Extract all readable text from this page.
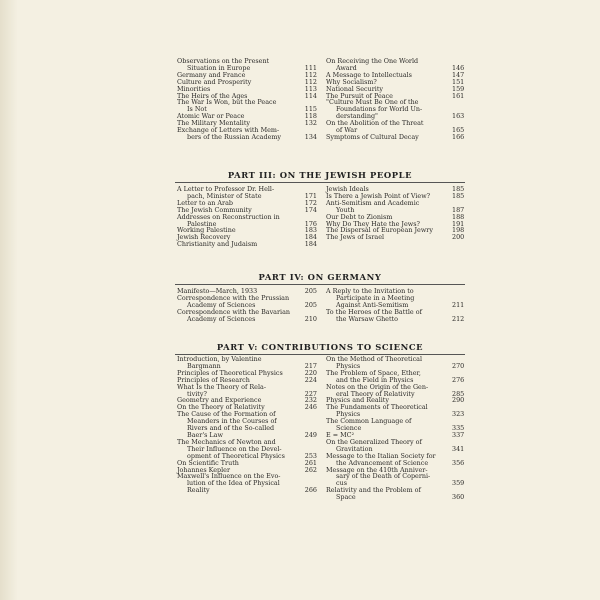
Observations on the Present
Situation in Europe	111
Germany and France	112
Culture and Prosperity	112
Minorities	113
The Heirs of the Ages	114
The War Is Won, but the Peace
Is Not	115
Atomic War or Peace	118
The Military Mentality	132
Exchange of Letters with Mem-
bers of the Russian Academy	134
On Receiving the One World
Award	146
A Message to Intellectuals	147
Why Socialism?	151
National Security	159
The Pursuit of Peace	161
"Culture Must Be One of the
Foundations for World Un-
derstanding"	163
On the Abolition of the Threat
of War	165
Symptoms of Cultural Decay	166
PART III: ON THE JEWISH PEOPLE
A Letter to Professor Dr. Hell-
pach, Minister of State	171
Letter to an Arab	172
The Jewish Community	174
Addresses on Reconstruction in
Palestine	176
Working Palestine	183
Jewish Recovery	184
Christianity and Judaism	184
Jewish Ideals	185
Is There a Jewish Point of View?	185
Anti-Semitism and Academic
Youth	187
Our Debt to Zionism	188
Why Do They Hate the Jews?	191
The Dispersal of European Jewry	198
The Jews of Israel	200
PART IV: ON GERMANY
Manifesto—March, 1933	205
Correspondence with the Prussian
Academy of Sciences	205
Correspondence with the Bavarian
Academy of Sciences	210
A Reply to the Invitation to
Participate in a Meeting
Against Anti-Semitism	211
To the Heroes of the Battle of
the Warsaw Ghetto	212
PART V: CONTRIBUTIONS TO SCIENCE
Introduction, by Valentine
Bargmann	217
Principles of Theoretical Physics	220
Principles of Research	224
What Is the Theory of Rela-
tivity?	227
Geometry and Experience	232
On the Theory of Relativity	246
The Cause of the Formation of
Meanders in the Courses of
Rivers and of the So-called
Baer's Law	249
The Mechanics of Newton and
Their Influence on the Devel-
opment of Theoretical Physics	253
On Scientific Truth	261
Johannes Kepler	262
Maxwell's Influence on the Evo-
lution of the Idea of Physical
Reality	266
On the Method of Theoretical
Physics	270
The Problem of Space, Ether,
and the Field in Physics	276
Notes on the Origin of the Gen-
eral Theory of Relativity	285
Physics and Reality	290
The Fundaments of Theoretical
Physics	323
The Common Language of
Science	335
E = MC²	337
On the Generalized Theory of
Gravitation	341
Message to the Italian Society for
the Advancement of Science	356
Message on the 410th Anniver-
sary of the Death of Coperni-
cus	359
Relativity and the Problem of
Space	360
